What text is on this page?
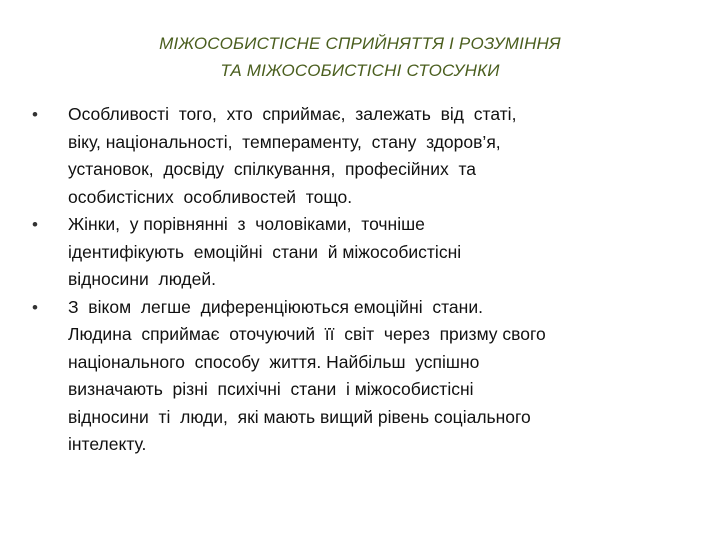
МІЖОСОБИСТІСНЕ СПРИЙНЯТТЯ І РОЗУМІННЯ
ТА МІЖОСОБИСТІСНІ СТОСУНКИ
• Особливості  того,  хто  сприймає,  залежать  від  статі,
віку, національності,  темпераменту,  стану  здоров’я,
установок,  досвіду  спілкування,  професійних  та
особистісних  особливостей  тощо.
• Жінки,  у порівнянні  з  чоловіками,  точніше
ідентифікують  емоційні  стани  й міжособистісні
відносини  людей.
• З  віком  легше  диференціюються емоційні  стани.
Людина  сприймає  оточуючий  її  світ  через  призму свого
національного  способу  життя. Найбільш  успішно
визначають  різні  психічні  стани  і міжособистісні
відносини  ті  люди,  які мають вищий рівень соціального
інтелекту.
